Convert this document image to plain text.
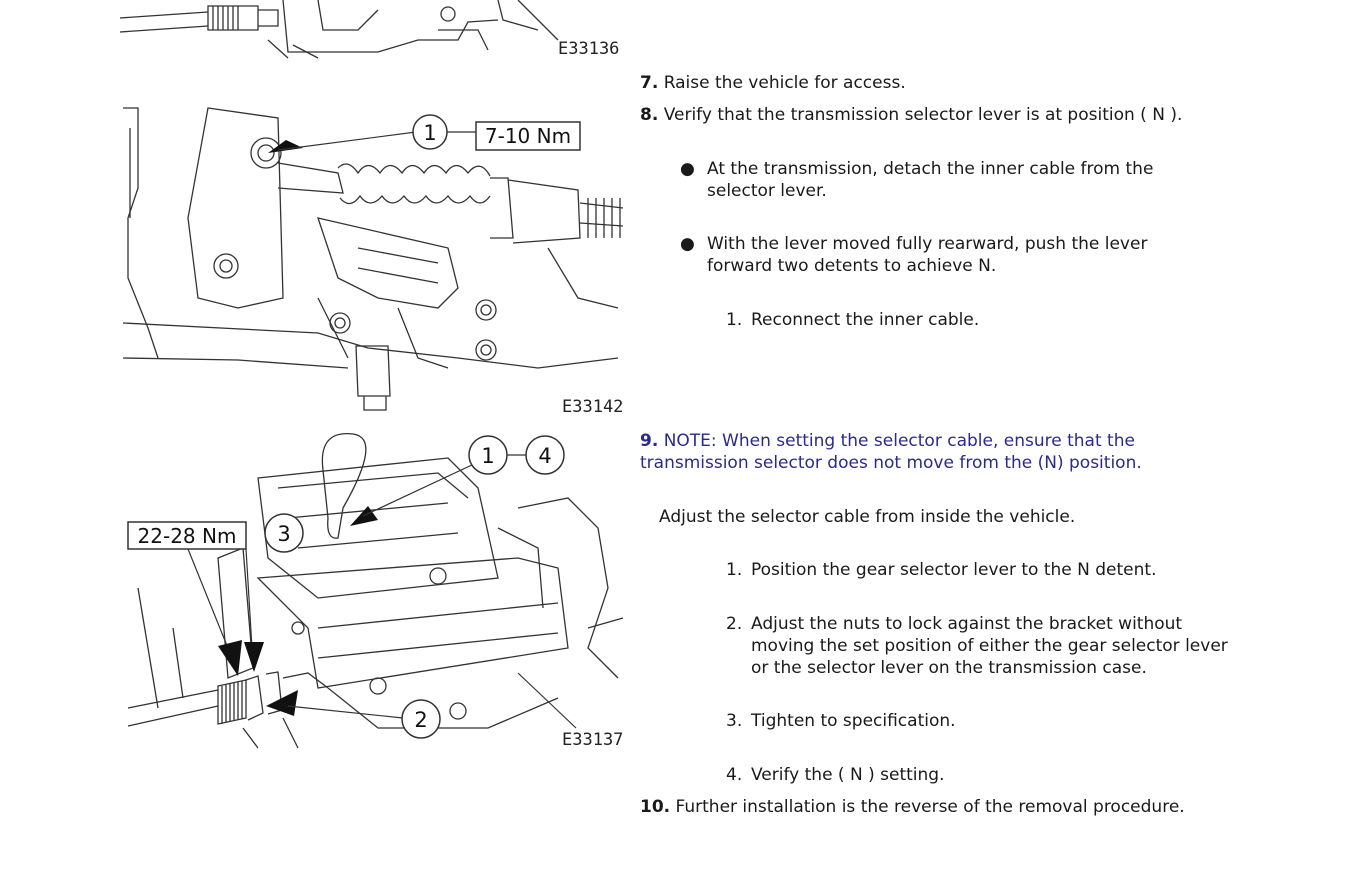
E33136
1 7-10 Nm
E33142
1 4
22-28 Nm 3
2
E33137
7. Raise the vehicle for access.
8. Verify that the transmission selector lever is at position ( N ).
● At the transmission, detach the inner cable from the selector lever.
● With the lever moved fully rearward, push the lever forward two detents to achieve N.
1. Reconnect the inner cable.
9. NOTE: When setting the selector cable, ensure that the transmission selector does not move from the (N) position.
Adjust the selector cable from inside the vehicle.
1. Position the gear selector lever to the N detent.
2. Adjust the nuts to lock against the bracket without moving the set position of either the gear selector lever or the selector lever on the transmission case.
3. Tighten to specification.
4. Verify the ( N ) setting.
10. Further installation is the reverse of the removal procedure.
